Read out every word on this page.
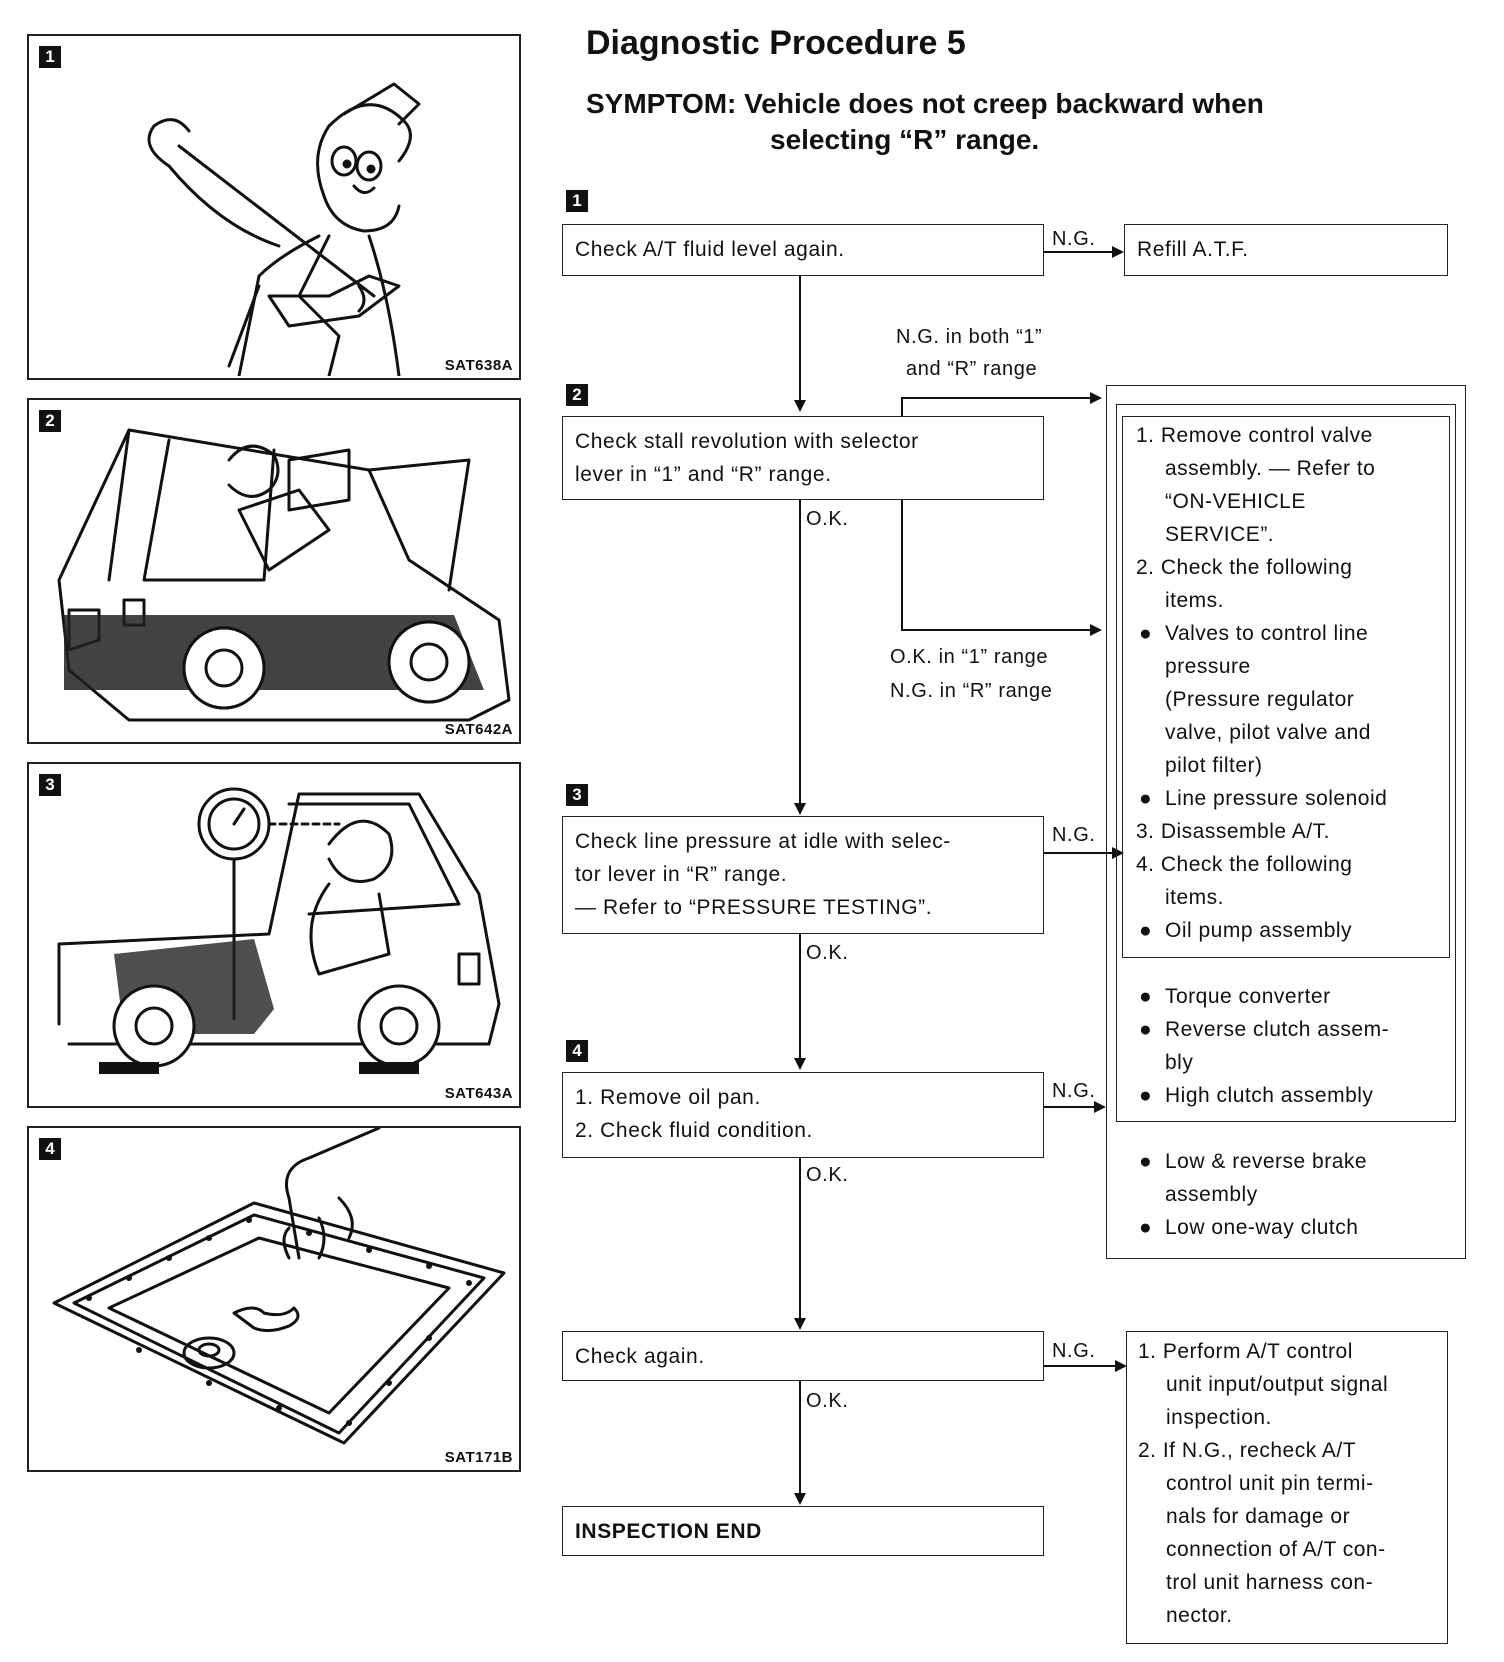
1
SAT638A
2
SAT642A
3
SAT643A
4
SAT171B
Diagnostic Procedure 5
SYMPTOM: Vehicle does not creep backward when
selecting “R” range.
1
Check A/T fluid level again.	N.G.	Refill A.T.F.
N.G. in both “1”
and “R” range
2
Check stall revolution with selector
lever in “1” and “R” range.
O.K.
O.K. in “1” range
N.G. in “R” range
3
Check line pressure at idle with selec-
tor lever in “R” range.
— Refer to “PRESSURE TESTING”.
N.G.
O.K.
4
1. Remove oil pan.
2. Check fluid condition.
N.G.
O.K.
Check again.	N.G.
O.K.
INSPECTION END
1. Remove control valve
assembly. — Refer to
“ON-VEHICLE
SERVICE”.
2. Check the following
items.
● Valves to control line
pressure
(Pressure regulator
valve, pilot valve and
pilot filter)
● Line pressure solenoid
3. Disassemble A/T.
4. Check the following
items.
● Oil pump assembly
● Torque converter
● Reverse clutch assem-
bly
● High clutch assembly
● Low & reverse brake
assembly
● Low one-way clutch
1. Perform A/T control
unit input/output signal
inspection.
2. If N.G., recheck A/T
control unit pin termi-
nals for damage or
connection of A/T con-
trol unit harness con-
nector.
